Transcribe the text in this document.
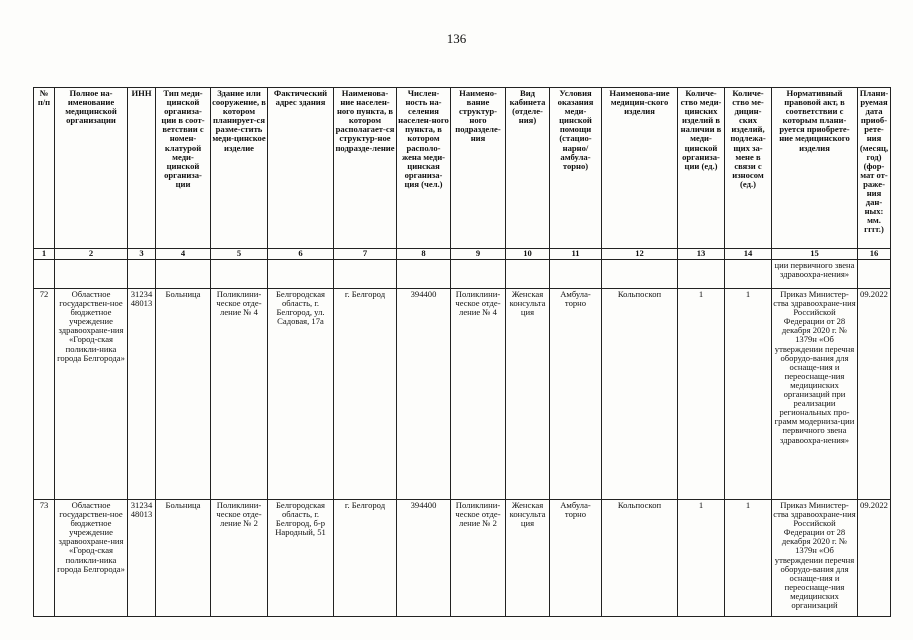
136
№ п/п	Полное на-именование медицинской организации	ИНН	Тип меди-цинской организа-ции в соот-ветствии с номен-клатурой меди-цинской организа-ции	Здание или сооружение, в котором планирует-ся разме-стить меди-цинское изделие	Фактический адрес здания	Наименова-ние населен-ного пункта, в котором располагает-ся структур-ное подразде-ление	Числен-ность на-селения населен-ного пункта, в котором располо-жена меди-цинская организа-ция (чел.)	Наимено-вание структур-ного подразделе-ния	Вид кабинета (отделе-ния)	Условия оказания меди-цинской помощи (стацио-нарно/ амбула-торно)	Наименова-ние медицин-ского изделия	Количе-ство меди-цинских изделий в наличии в меди-цинской организа-ции (ед.)	Количе-ство ме-дицин-ских изделий, подлежа-щих за-мене в связи с износом (ед.)	Нормативный правовой акт, в соответствии с которым плани-руется приобрете-ние медицинского изделия	Плани-руемая дата приоб-ретe-ния (месяц, год) (фор-мат от-раже-ния дан-ных: мм. гггг.)
1	2	3	4	5	6	7	8	9	10	11	12	13	14	15	16
														ции первичного звена здравоохра-нения»	
72	Областное государствен-ное бюджетное учреждение здравоохране-ния «Город-ская поликли-ника города Белгорода»	3123448013	Больница	Поликлини-ческое отде-ление № 4	Белгородская область, г. Белгород, ул. Садовая, 17а	г. Белгород	394400	Поликлини-ческое отде-ление № 4	Женская консульта ция	Амбула-торно	Кольпоскоп	1	1	Приказ Министер-ства здравоохране-ния Российской Федерации от 28 декабря 2020 г. № 1379н «Об утверждении перечня оборудо-вания для оснаще-ния и переоснаще-ния медицинских организаций при реализации региональных про-грамм модерниза-ции первичного звена здравоохра-нения»	09.2022
73	Областное государствен-ное бюджетное учреждение здравоохране-ния «Город-ская поликли-ника города Белгорода»	3123448013	Больница	Поликлини-ческое отде-ление № 2	Белгородская область, г. Белгород, б-р Народный, 51	г. Белгород	394400	Поликлини-ческое отде-ление № 2	Женская консульта ция	Амбула-торно	Кольпоскоп	1	1	Приказ Министер-ства здравоохране-ния Российской Федерации от 28 декабря 2020 г. № 1379н «Об утверждении перечня оборудо-вания для оснаще-ния и переоснаще-ния медицинских организаций	09.2022
